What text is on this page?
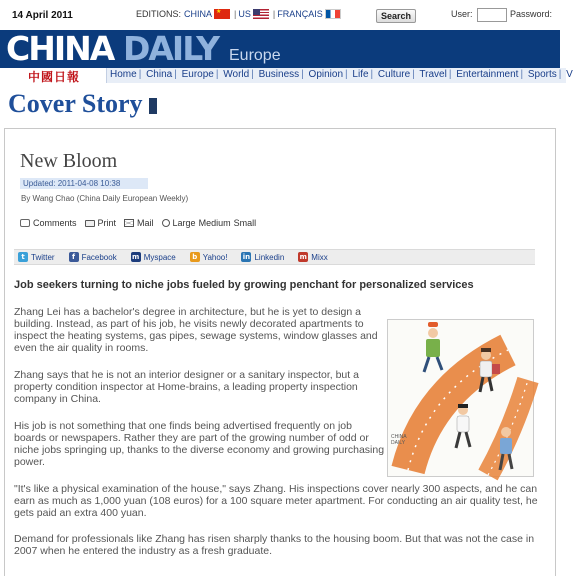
14 April 2011	EDITIONS: CHINA
★ | US | FRANÇAIS	Search	User:	Password:
CHINA DAILY Europe
中國日報	Home | China | Europe | World | Business | Opinion | Life | Culture | Travel | Entertainment | Sports | V
Cover Story
New Bloom
Updated: 2011-04-08 10:38
By Wang Chao (China Daily European Weekly)
Comments Print Mail Large Medium Small
t Twitter	f Facebook m Myspace	b Yahoo! in Linkedin m Mixx
Job seekers turning to niche jobs fueled by growing penchant for personalized services

Zhang Lei has a bachelor's degree in architecture, but he is yet to design a building. Instead, as part of his job, he visits newly decorated apartments to inspect the heating systems, gas pipes, sewage systems, window glasses and even the air quality in rooms.

Zhang says that he is not an interior designer or a sanitary inspector, but a property condition inspector at Home-brains, a leading property inspection company in China.

His job is not something that one finds being advertised frequently on job boards or newspapers. Rather they are part of the growing number of odd or niche jobs springing up, thanks to the diverse economy and growing purchasing power.

"It's like a physical examination of the house," says Zhang. His inspections cover nearly 300 aspects, and he can earn as much as 1,000 yuan (108 euros) for a 100 square meter apartment. For conducting an air quality test, he gets paid an extra 400 yuan.

Demand for professionals like Zhang has risen sharply thanks to the housing boom. But that was not the case in 2007 when he entered the industry as a fresh graduate.

CHINA DAILY
